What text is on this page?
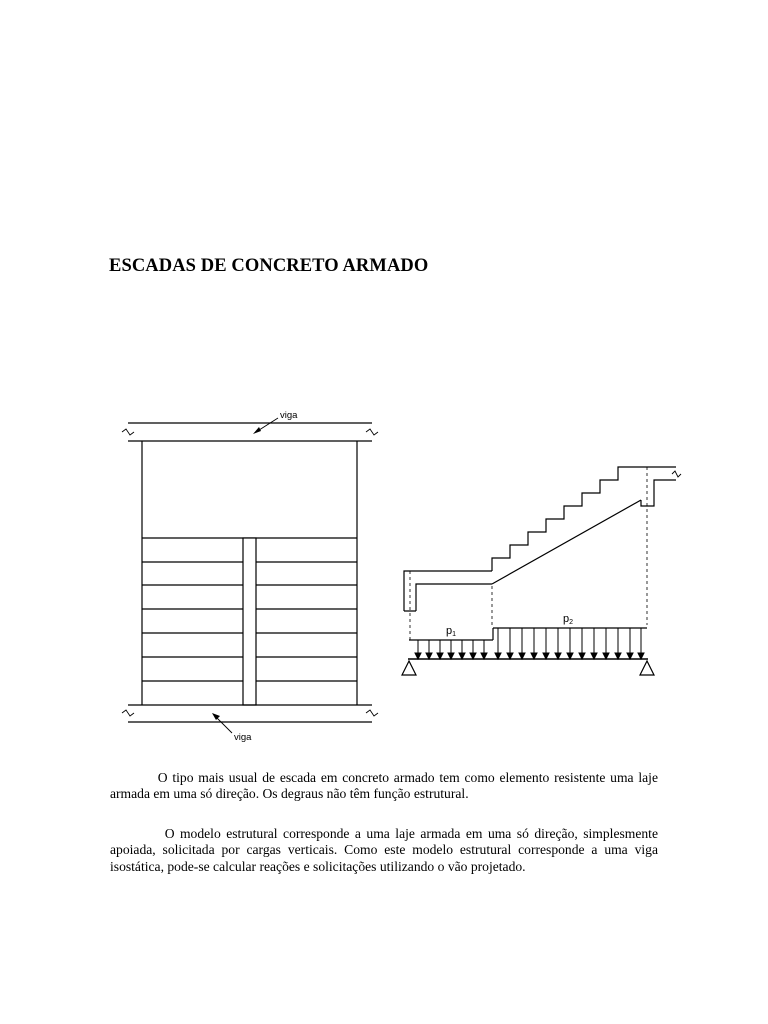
ESCADAS DE CONCRETO ARMADO
viga
viga
p1
p2

O tipo mais usual de escada em concreto armado tem como elemento resistente uma laje armada em uma só direção. Os degraus não têm função estrutural.

O modelo estrutural corresponde a uma laje armada em uma só direção, simplesmente apoiada, solicitada por cargas verticais. Como este modelo estrutural corresponde a uma viga isostática, pode-se calcular reações e solicitações utilizando o vão projetado.
